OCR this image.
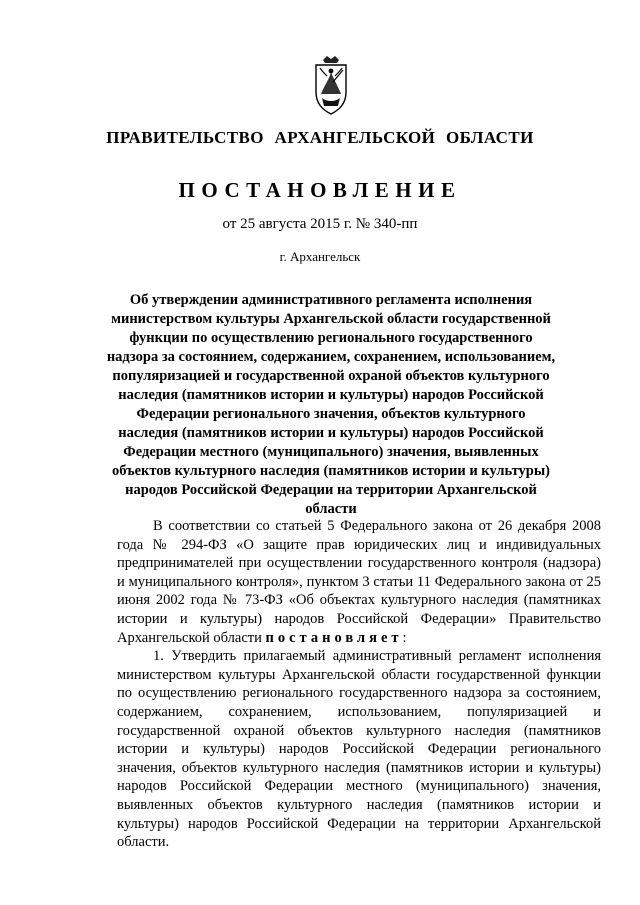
ПРАВИТЕЛЬСТВО АРХАНГЕЛЬСКОЙ ОБЛАСТИ
ПОСТАНОВЛЕНИЕ
от 25 августа 2015 г. № 340-пп
г. Архангельск

Об утверждении административного регламента исполнения министерством культуры Архангельской области государственной функции по осуществлению регионального государственного надзора за состоянием, содержанием, сохранением, использованием, популяризацией и государственной охраной объектов культурного наследия (памятников истории и культуры) народов Российской Федерации регионального значения, объектов культурного наследия (памятников истории и культуры) народов Российской Федерации местного (муниципального) значения, выявленных объектов культурного наследия (памятников истории и культуры) народов Российской Федерации на территории Архангельской области

В соответствии со статьей 5 Федерального закона от 26 декабря 2008 года № 294-ФЗ «О защите прав юридических лиц и индивидуальных предпринимателей при осуществлении государственного контроля (надзора) и муниципального контроля», пунктом 3 статьи 11 Федерального закона от 25 июня 2002 года № 73-ФЗ «Об объектах культурного наследия (памятниках истории и культуры) народов Российской Федерации» Правительство Архангельской области постановляет:

1. Утвердить прилагаемый административный регламент исполнения министерством культуры Архангельской области государственной функции по осуществлению регионального государственного надзора за состоянием, содержанием, сохранением, использованием, популяризацией и государственной охраной объектов культурного наследия (памятников истории и культуры) народов Российской Федерации регионального значения, объектов культурного наследия (памятников истории и культуры) народов Российской Федерации местного (муниципального) значения, выявленных объектов культурного наследия (памятников истории и культуры) народов Российской Федерации на территории Архангельской области.
